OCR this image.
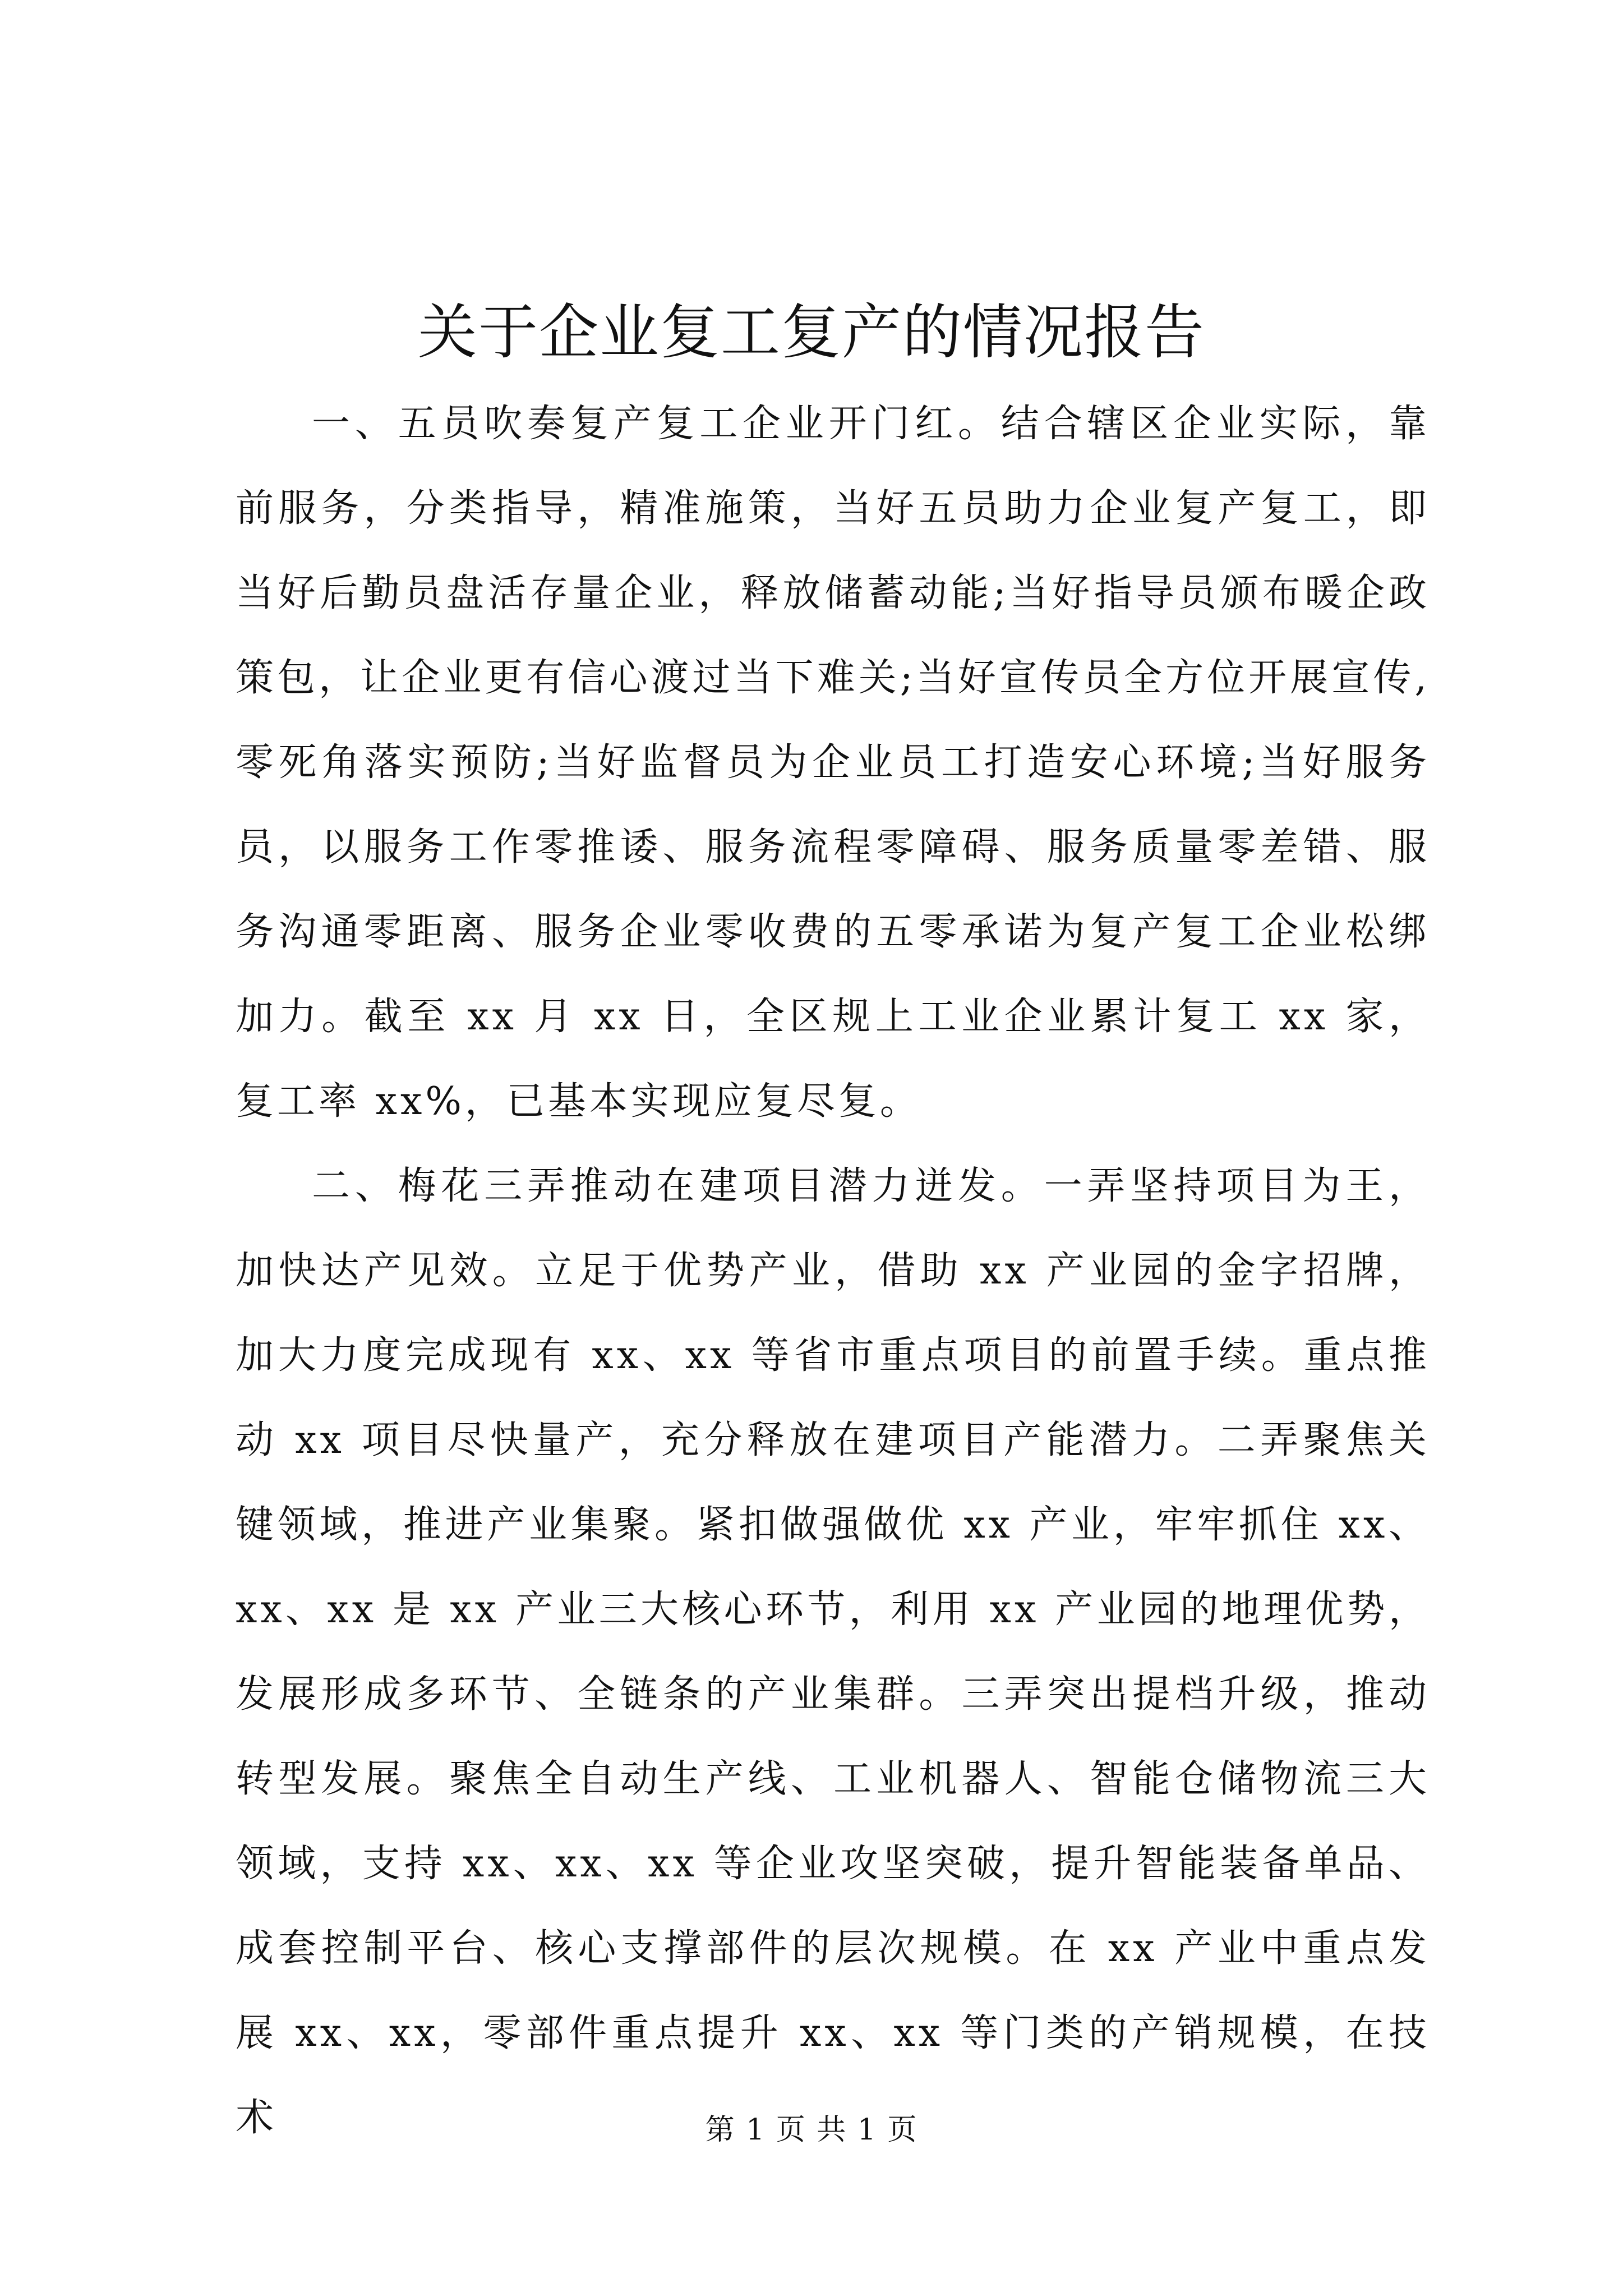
关于企业复工复产的情况报告

一、五员吹奏复产复工企业开门红。结合辖区企业实际，靠前服务，分类指导，精准施策，当好五员助力企业复产复工，即当好后勤员盘活存量企业，释放储蓄动能;当好指导员颁布暖企政策包，让企业更有信心渡过当下难关;当好宣传员全方位开展宣传,零死角落实预防;当好监督员为企业员工打造安心环境;当好服务员，以服务工作零推诿、服务流程零障碍、服务质量零差错、服务沟通零距离、服务企业零收费的五零承诺为复产复工企业松绑加力。截至 xx 月 xx 日，全区规上工业企业累计复工 xx 家，复工率 xx%，已基本实现应复尽复。

二、梅花三弄推动在建项目潜力迸发。一弄坚持项目为王，加快达产见效。立足于优势产业，借助 xx 产业园的金字招牌，加大力度完成现有 xx、xx 等省市重点项目的前置手续。重点推动 xx 项目尽快量产，充分释放在建项目产能潜力。二弄聚焦关键领域，推进产业集聚。紧扣做强做优 xx 产业，牢牢抓住 xx、xx、xx 是 xx 产业三大核心环节，利用 xx 产业园的地理优势，发展形成多环节、全链条的产业集群。三弄突出提档升级，推动转型发展。聚焦全自动生产线、工业机器人、智能仓储物流三大领域，支持 xx、xx、xx 等企业攻坚突破，提升智能装备单品、成套控制平台、核心支撑部件的层次规模。在 xx 产业中重点发展 xx、xx，零部件重点提升 xx、xx 等门类的产销规模，在技术	第 1 页 共 1 页
